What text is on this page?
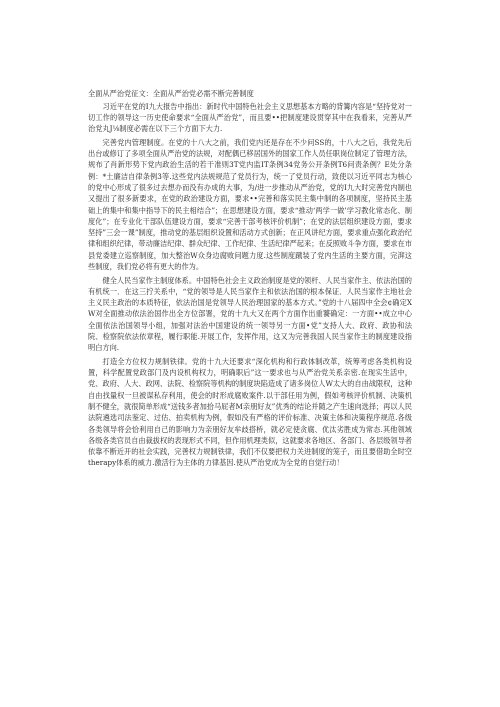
全面从严治党征文：全面从严治党必需不断完善制度

习近平在党的Ⅰ九大报告中指出：新时代中国特色社会主义思想基本方略的背篝内容是“坚持党对一切工作的领导这一历史使命要求“全面从严治党”，而且要••把制度建设贯穿其中在我看来，完善从严治党丸J⅛制度必需在以下三个方面下大力.

完善党内管理制度。在党的十八大之前，我们党内还是存在不少问SS的，十八大之后，我党先后出台或修订了多项全面从严治党的法规，对配偶已移居国外的国家工作人员任职岗位制定了管理方法，规布了肖新形势下党内政治生活的若干准则3T党内监IT条例34党务公开条例T6问责条例？E处分条例：*土廉洁自律条例3等.这些党内法规规范了党员行为，统一了党员行动，致使以习近平同志为核心的党中心形成了很多过去想办而没有办成的大事，为/进一步推动从严治党，党的Ⅰ九大时完善党内制也又提出了很多新要求，在党的政治建设方面，要求••完善和落实民主集中制的各项制度，坚持民主基础上的集中和集中指导下的民主相结合”；在思想建设方面，要求“推动‘两学一做’学习教化常态化、制度化”；在专业化干部队伍建设方面，要求“完善干部考核评价机制”；在党的法层组织建设方面，要求坚持”三会一课”制度，推动党的基层组织设置和活动方式创新；在正风讲纪方面，要求重点强化政治纪律和组织纪律，带动廉洁纪律、群众纪律、工作纪律、生活纪律严起来；在反照败斗争方面，要求在市县党委建立巡察制度，加大整治W众身边腐败问题力度.这些制度蹴装了党内生活的主要方面，完湃这些制度，我们党必将有更大的作为。

健全人民当家作主制度体系。中国特色社会主义政治制度是党的领杆、人民当家作主、依法治国的有机统一．在这三拧关系中，“党的领导是人民当家作主和依法治国的根本保证．人民当家作主地社会主义民主政治的本质特征，依法治国是党领导人民治理国家的基本方式。”党的十八届四中全会¢确定XW对全面推动依法治国作出全方位部署，党的十九大又在两个方面作出重饕确定：一方面••成立中心全面依法治国领导小组，加强对法治中国建设的统一领导另一方面•党”支持人大、政府、政协和法院、检察院依法依章程，履行职能.开展工作，发挥作用，这又为完善我国人民当家作主的制度建设指明白方向.

打造全方位权力规制铁律。党的十九大还要求“深化机构和行政体制改革，统筹考虑各类机构设置，科学配置党政部门及内设机构权力，明确职后”这一要求也与从严治党关系亲密.在现实生活中，党、政府、人大、政网、法院、检察院等机构的制度块陷造成了诸多岗位人W太大的自由战限权，这种自由找量权一旦被谋私存利用，使会的时形成腐败案件.以干部任用为例，假如考核评价机制、决策机制不健全，就很简单形成“送钱多者加拾马屁者M亲朋好友”优秀的结论并随之产生速向选择；再以人民法院遴选司法鉴定、过估、拍卖机构为例，假如没有严格的评价标准、决策主体和决策程序规范.各级各类领导将会恰利用自己的影响力为亲朋好友牟歧搭桥，就必定使贪腐、优汰劣胜成为常态.其他领域各级各类官员自由裁拔权的表现形式不同，但作用机理类似，这就要求各地区、各部门、各层级领导者依靠不断近开的社会实践，完善权力规制铁律，我们不仅要把权力关进制度的笼子，而且要借助全时空therapy体系的威力.激活行为主体的力律基因.使从严治党成为全党的自觉行动！
